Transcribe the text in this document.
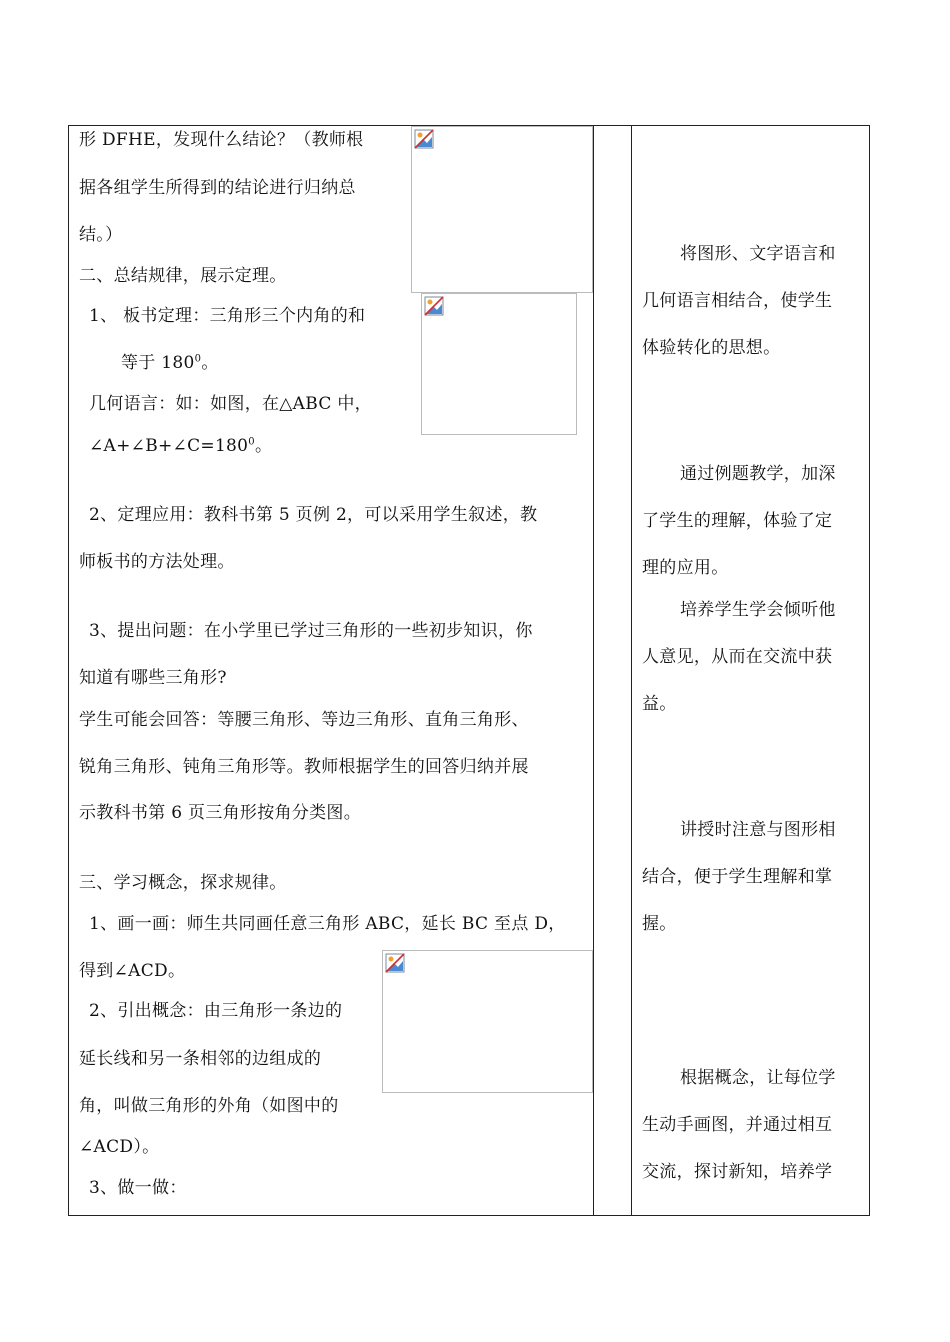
形 DFHE，发现什么结论？（教师根
据各组学生所得到的结论进行归纳总
结。）
二、总结规律，展示定理。
1、 板书定理：三角形三个内角的和
等于 $180^0$。
几何语言：如：如图，在△ABC 中，
$\angle A+\angle B+\angle C=180^0$。
2、定理应用：教科书第 5 页例 2，可以采用学生叙述，教
师板书的方法处理。
3、提出问题：在小学里已学过三角形的一些初步知识，你
知道有哪些三角形?
学生可能会回答：等腰三角形、等边三角形、直角三角形、
锐角三角形、钝角三角形等。教师根据学生的回答归纳并展
示教科书第 6 页三角形按角分类图。
三、学习概念，探求规律。
1、画一画：师生共同画任意三角形 ABC，延长 BC 至点 D，
得到∠ACD。
2、引出概念：由三角形一条边的
延长线和另一条相邻的边组成的
角，叫做三角形的外角（如图中的
∠ACD）。
3、做一做：
将图形、文字语言和
几何语言相结合，使学生
体验转化的思想。
通过例题教学，加深
了学生的理解，体验了定
理的应用。
培养学生学会倾听他
人意见，从而在交流中获
益。
讲授时注意与图形相
结合，便于学生理解和掌
握。
根据概念，让每位学
生动手画图，并通过相互
交流，探讨新知，培养学
